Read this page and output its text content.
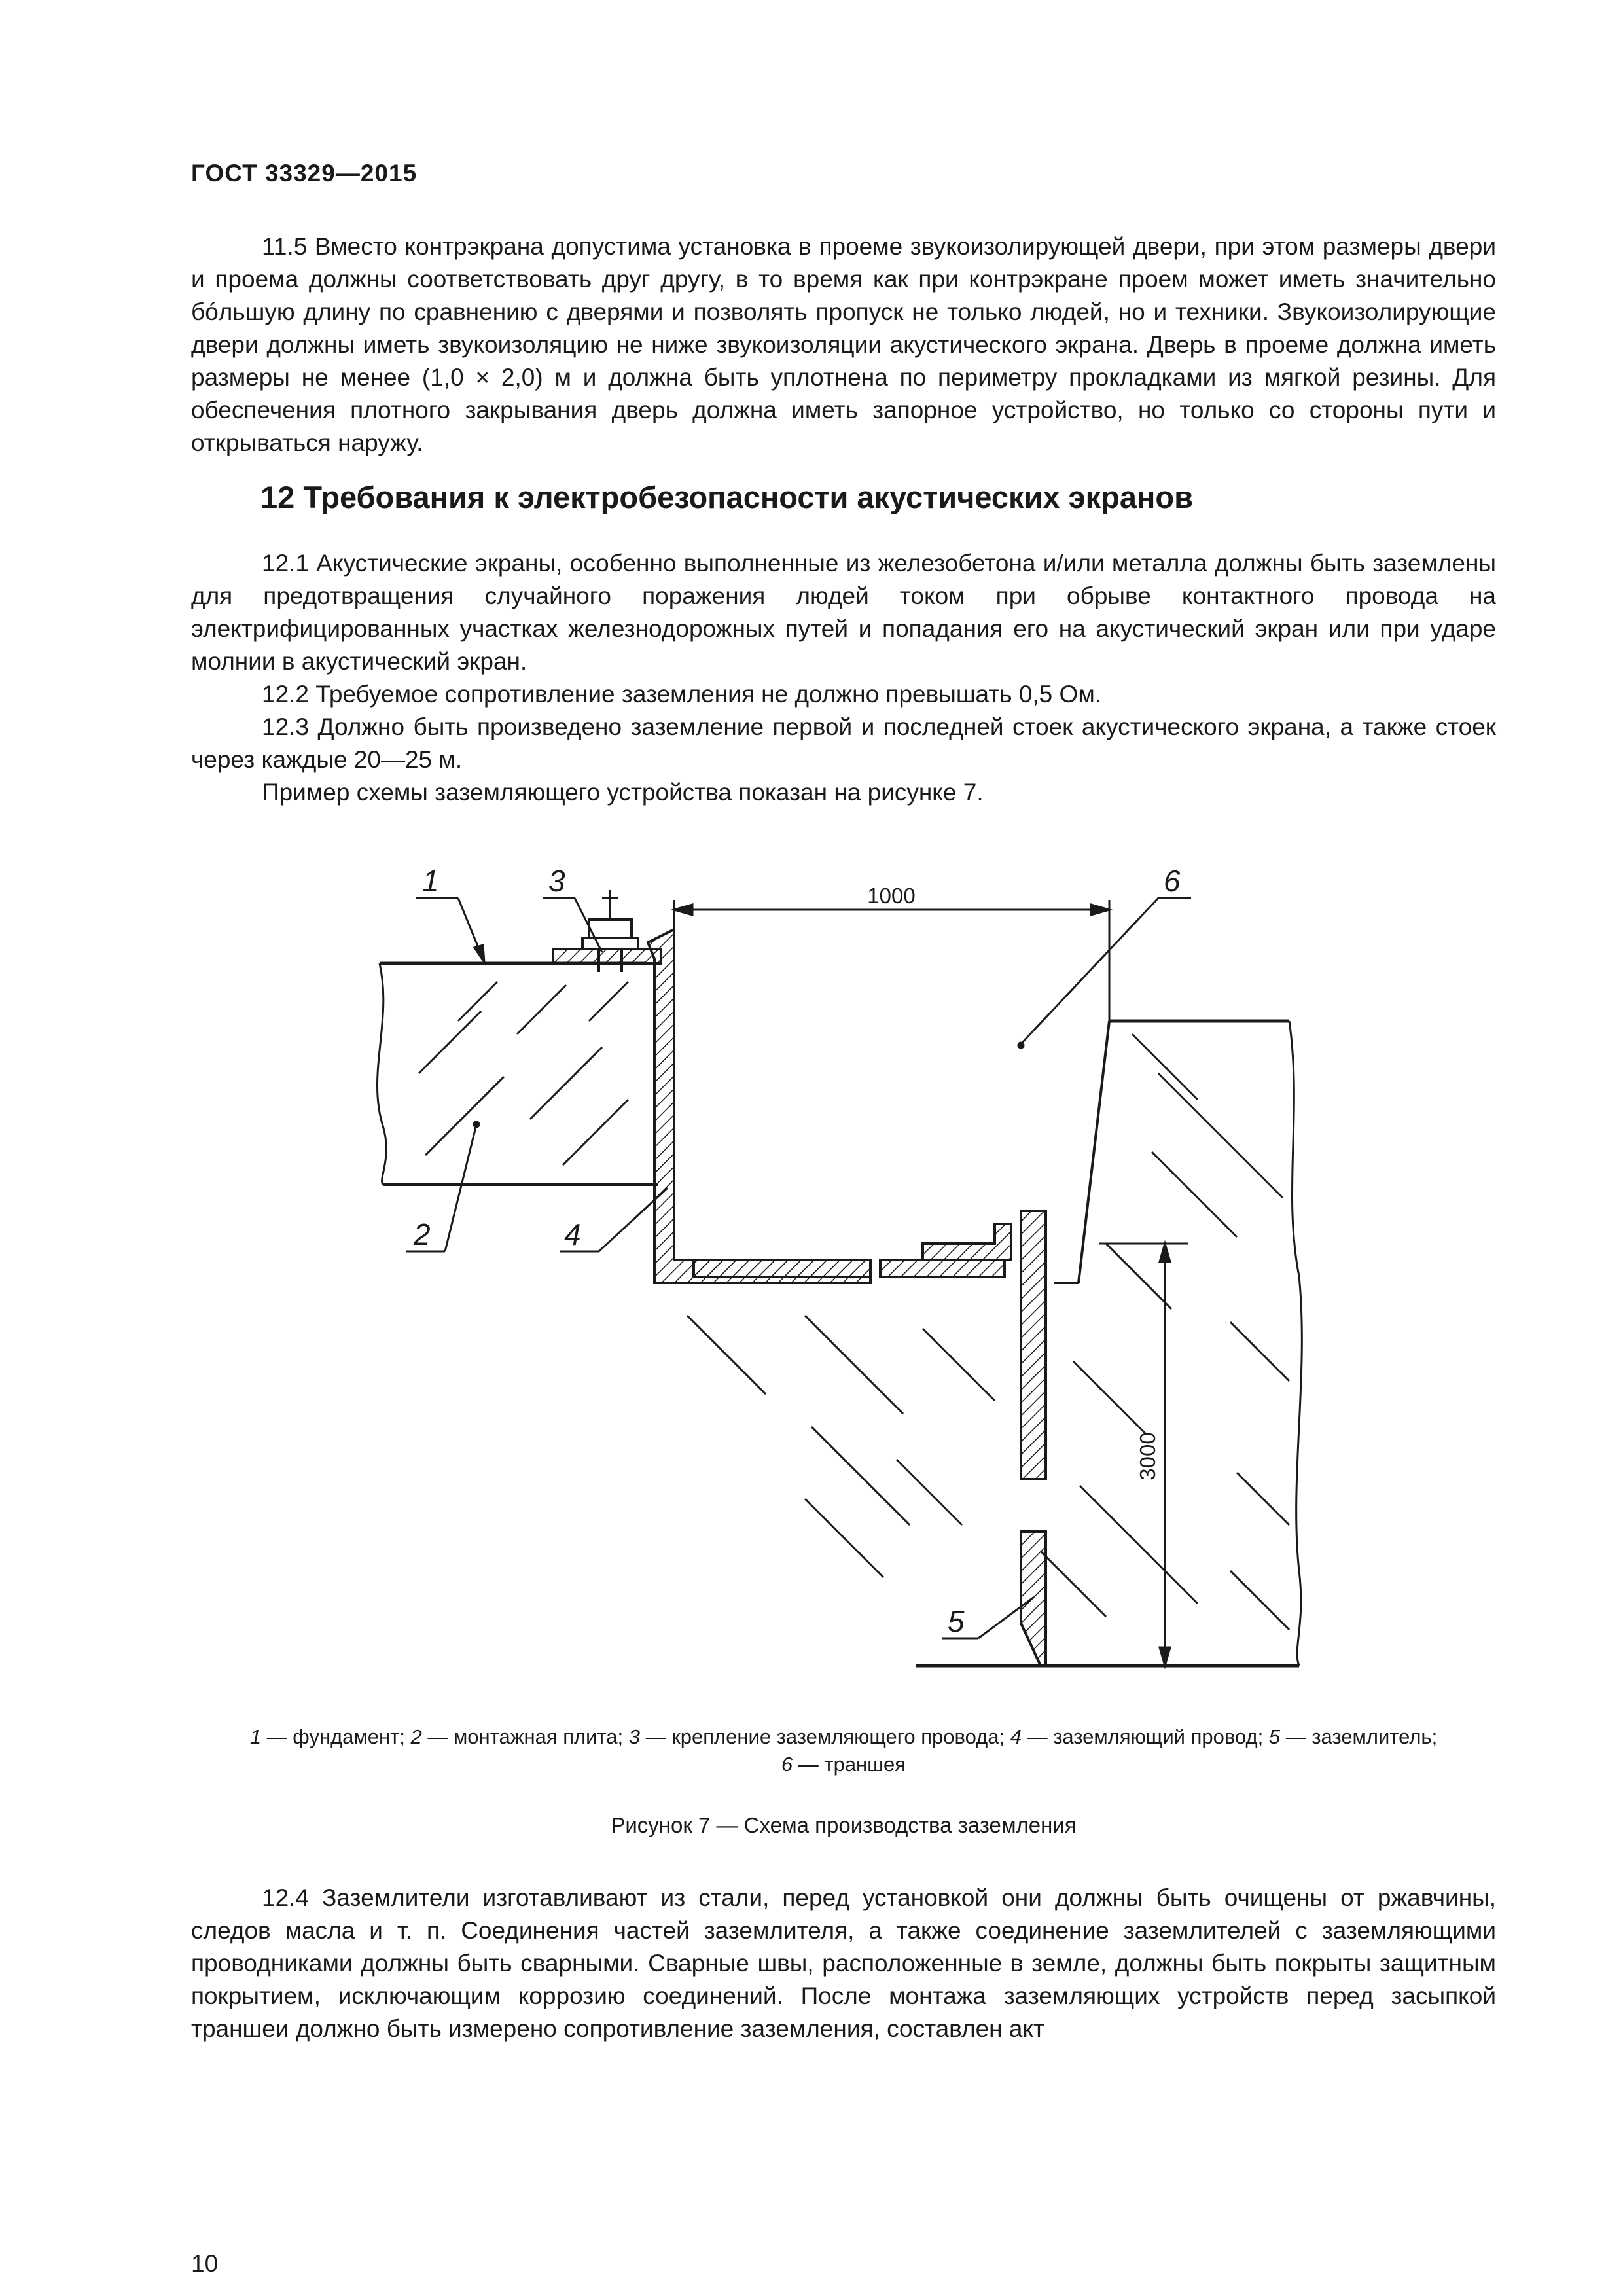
ГОСТ 33329—2015

11.5 Вместо контрэкрана допустима установка в проеме звукоизолирующей двери, при этом размеры двери и проема должны соответствовать друг другу, в то время как при контрэкране проем может иметь значительно бóльшую длину по сравнению с дверями и позволять пропуск не только людей, но и техники. Звукоизолирующие двери должны иметь звукоизоляцию не ниже звукоизоляции акустического экрана. Дверь в проеме должна иметь размеры не менее (1,0 × 2,0) м и должна быть уплотнена по периметру прокладками из мягкой резины. Для обеспечения плотного закрывания дверь должна иметь запорное устройство, но только со стороны пути и открываться наружу.

12 Требования к электробезопасности акустических экранов

12.1 Акустические экраны, особенно выполненные из железобетона и/или металла должны быть заземлены для предотвращения случайного поражения людей током при обрыве контактного провода на электрифицированных участках железнодорожных путей и попадания его на акустический экран или при ударе молнии в акустический экран.

12.2 Требуемое сопротивление заземления не должно превышать 0,5 Ом.

12.3 Должно быть произведено заземление первой и последней стоек акустического экрана, а также стоек через каждые 20—25 м.

Пример схемы заземляющего устройства показан на рисунке 7.

1000
3000
1	3
2	4
6
5

1 — фундамент; 2 — монтажная плита; 3 — крепление заземляющего провода; 4 — заземляющий провод; 5 — заземлитель;
6 — траншея

Рисунок 7 — Схема производства заземления

12.4 Заземлители изготавливают из стали, перед установкой они должны быть очищены от ржавчины, следов масла и т. п. Соединения частей заземлителя, а также соединение заземлителей с заземляющими проводниками должны быть сварными. Сварные швы, расположенные в земле, должны быть покрыты защитным покрытием, исключающим коррозию соединений. После монтажа заземляющих устройств перед засыпкой траншеи должно быть измерено сопротивление заземления, составлен акт

10
